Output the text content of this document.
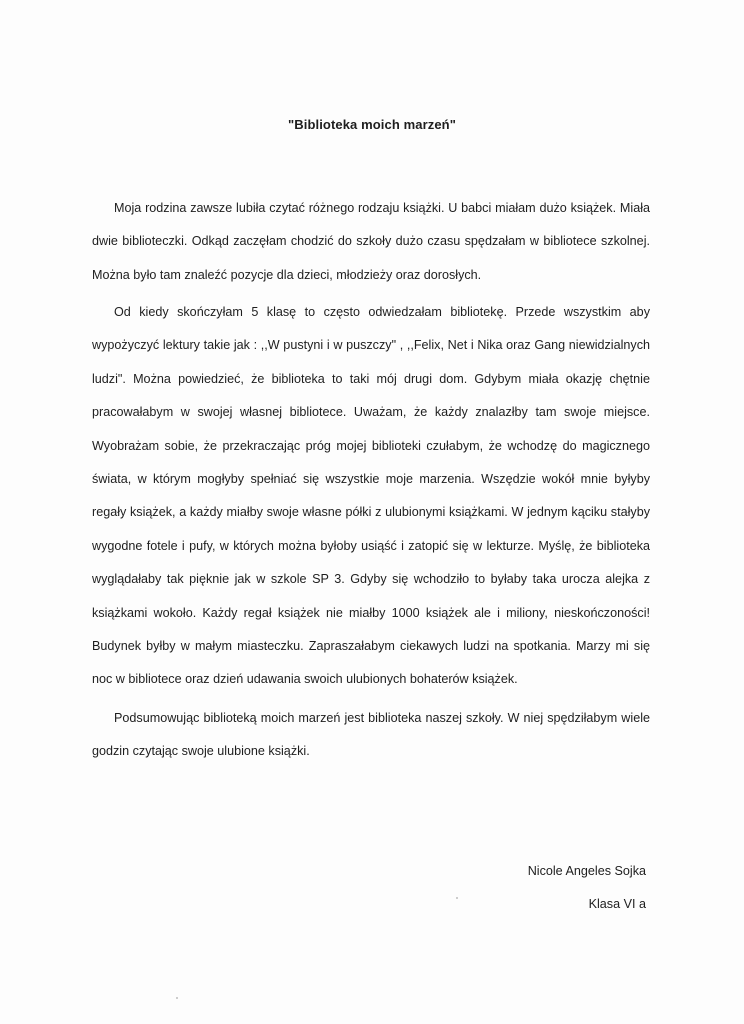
"Biblioteka moich marzeń"

Moja rodzina zawsze lubiła czytać różnego rodzaju książki. U babci miałam dużo książek. Miała dwie biblioteczki. Odkąd zaczęłam chodzić do szkoły dużo czasu spędzałam w bibliotece szkolnej. Można było tam znaleźć pozycje dla dzieci, młodzieży oraz dorosłych.

Od kiedy skończyłam 5 klasę to często odwiedzałam bibliotekę. Przede wszystkim aby wypożyczyć lektury takie jak : ,,W pustyni i w puszczy" , ,,Felix, Net i Nika oraz Gang niewidzialnych ludzi". Można powiedzieć, że biblioteka to taki mój drugi dom. Gdybym miała okazję chętnie pracowałabym w swojej własnej bibliotece. Uważam, że każdy znalazłby tam swoje miejsce. Wyobrażam sobie, że przekraczając próg mojej biblioteki czułabym, że wchodzę do magicznego świata, w którym mogłyby spełniać się wszystkie moje marzenia. Wszędzie wokół mnie byłyby regały książek, a każdy miałby swoje własne półki z ulubionymi książkami. W jednym kąciku stałyby wygodne fotele i pufy, w których można byłoby usiąść i zatopić się w lekturze. Myślę, że biblioteka wyglądałaby tak pięknie jak w szkole SP 3. Gdyby się wchodziło to byłaby taka urocza alejka z książkami wokoło. Każdy regał książek nie miałby 1000 książek ale i miliony, nieskończoności! Budynek byłby w małym miasteczku. Zapraszałabym ciekawych ludzi na spotkania. Marzy mi się noc w bibliotece oraz dzień udawania swoich ulubionych bohaterów książek.

Podsumowując biblioteką moich marzeń jest biblioteka naszej szkoły. W niej spędziłabym wiele godzin czytając swoje ulubione książki.

Nicole Angeles Sojka
Klasa VI a
